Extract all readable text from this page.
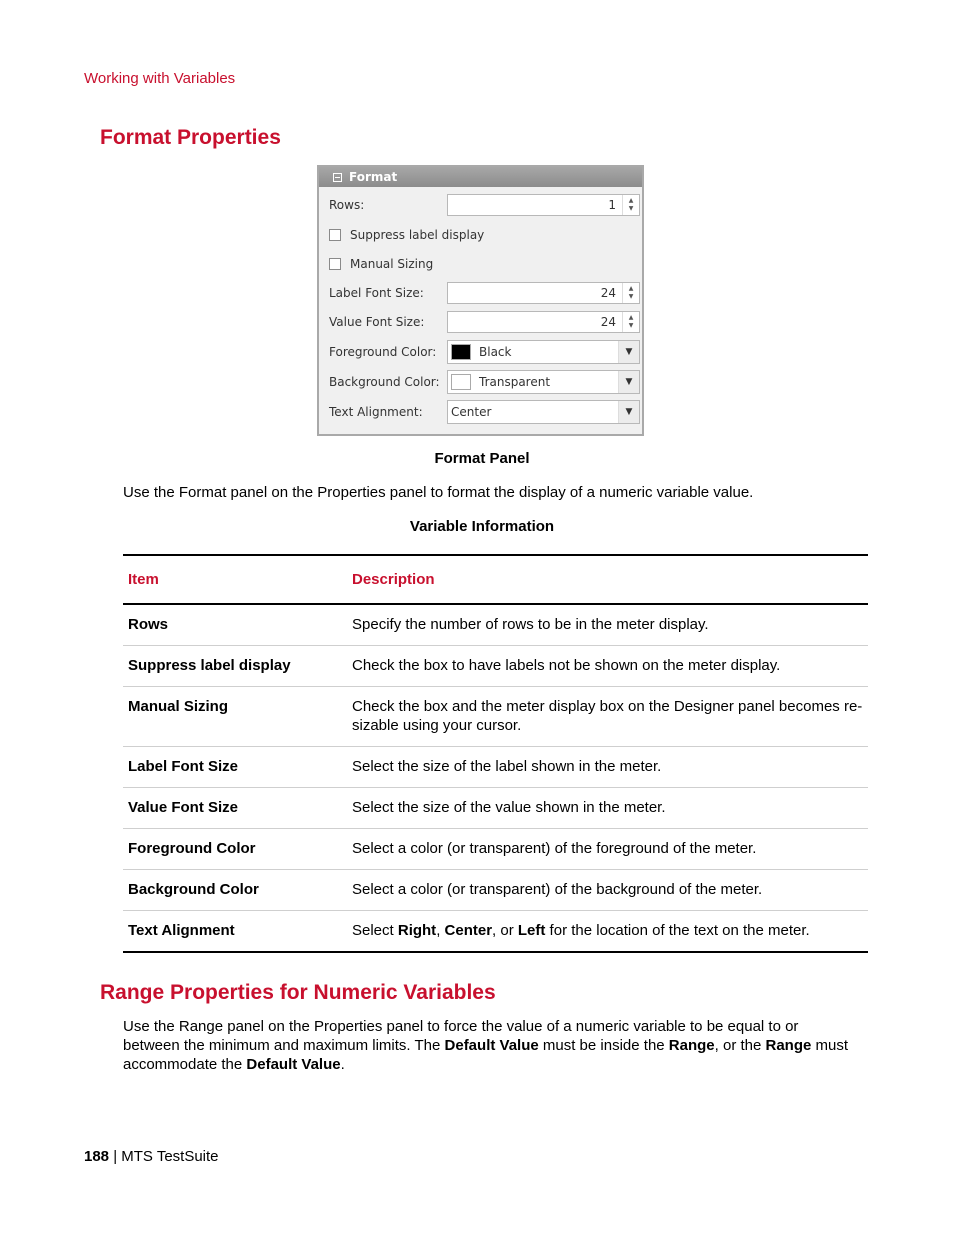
Working with Variables
Format Properties
Format
Rows:	1	▲
▼
Suppress label display
Manual Sizing
Label Font Size:	24	▲
▼
Value Font Size:	24	▲
▼
Foreground Color:	Black	▼
Background Color:	Transparent	▼
Text Alignment:	Center	▼
Format Panel
Use the Format panel on the Properties panel to format the display of a numeric variable value.
Variable Information
Item	Description
Rows	Specify the number of rows to be in the meter display.
Suppress label display	Check the box to have labels not be shown on the meter display.
Manual Sizing	Check the box and the meter display box on the Designer panel becomes re-sizable using your cursor.
Label Font Size	Select the size of the label shown in the meter.
Value Font Size	Select the size of the value shown in the meter.
Foreground Color	Select a color (or transparent) of the foreground of the meter.
Background Color	Select a color (or transparent) of the background of the meter.
Text Alignment	Select Right, Center, or Left for the location of the text on the meter.
Range Properties for Numeric Variables
Use the Range panel on the Properties panel to force the value of a numeric variable to be equal to or between the minimum and maximum limits. The Default Value must be inside the Range, or the Range must accommodate the Default Value.
188 | MTS TestSuite
